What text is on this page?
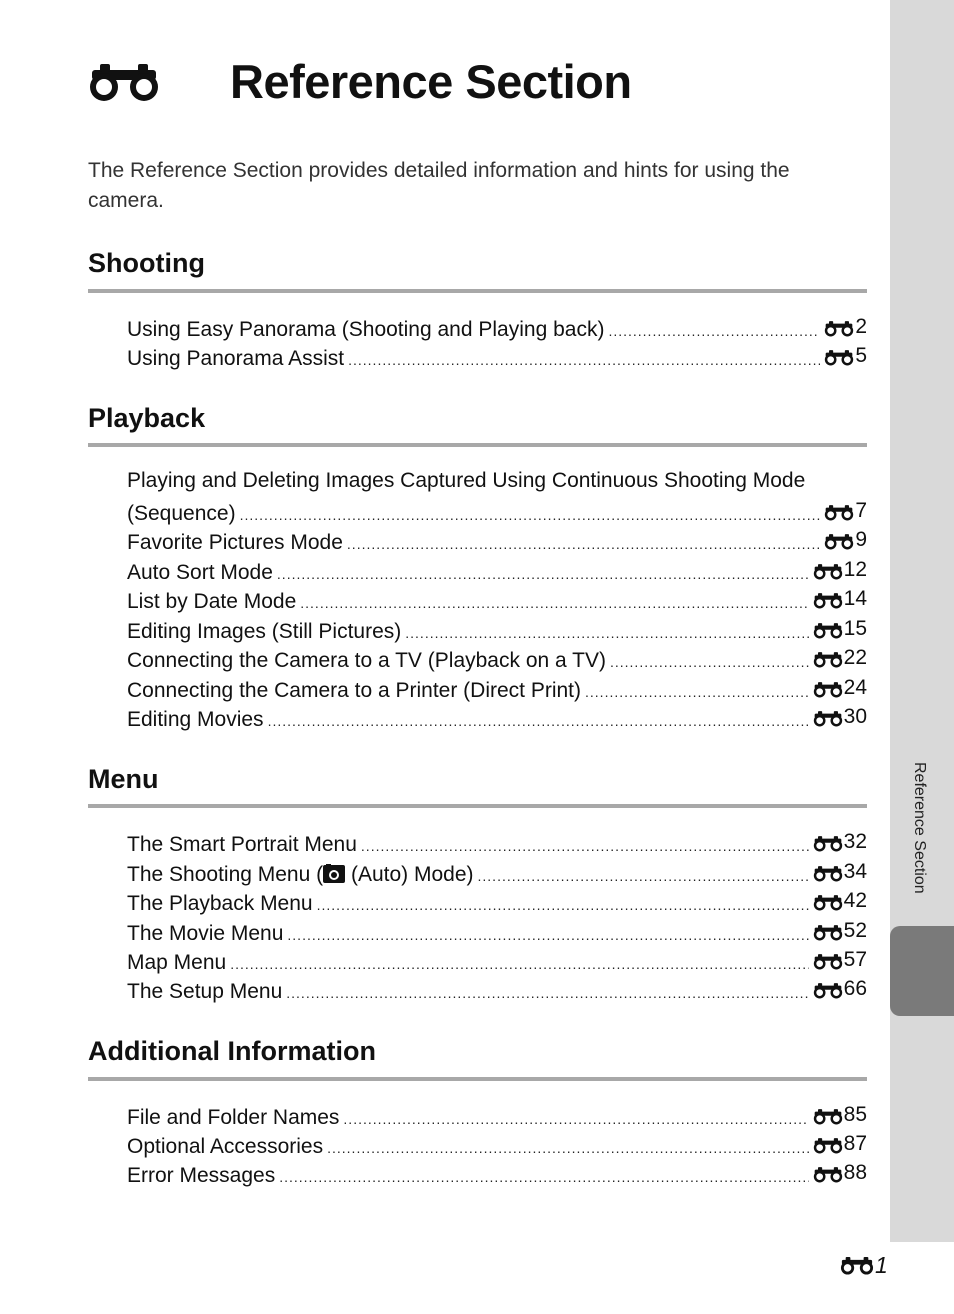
Reference Section
Reference Section
The Reference Section provides detailed information and hints for using the camera.
Shooting
Using Easy Panorama (Shooting and Playing back) .....	2
Using Panorama Assist .....	5
Playback
Playing and Deleting Images Captured Using Continuous Shooting Mode
(Sequence) .....	7
Favorite Pictures Mode .....	9
Auto Sort Mode .....	12
List by Date Mode .....	14
Editing Images (Still Pictures) .....	15
Connecting the Camera to a TV (Playback on a TV) .....	22
Connecting the Camera to a Printer (Direct Print) .....	24
Editing Movies .....	30
Menu
The Smart Portrait Menu .....	32
The Shooting Menu ( (Auto) Mode) .....	34
The Playback Menu .....	42
The Movie Menu .....	52
Map Menu .....	57
The Setup Menu .....	66
Additional Information
File and Folder Names .....	85
Optional Accessories .....	87
Error Messages .....	88
1
